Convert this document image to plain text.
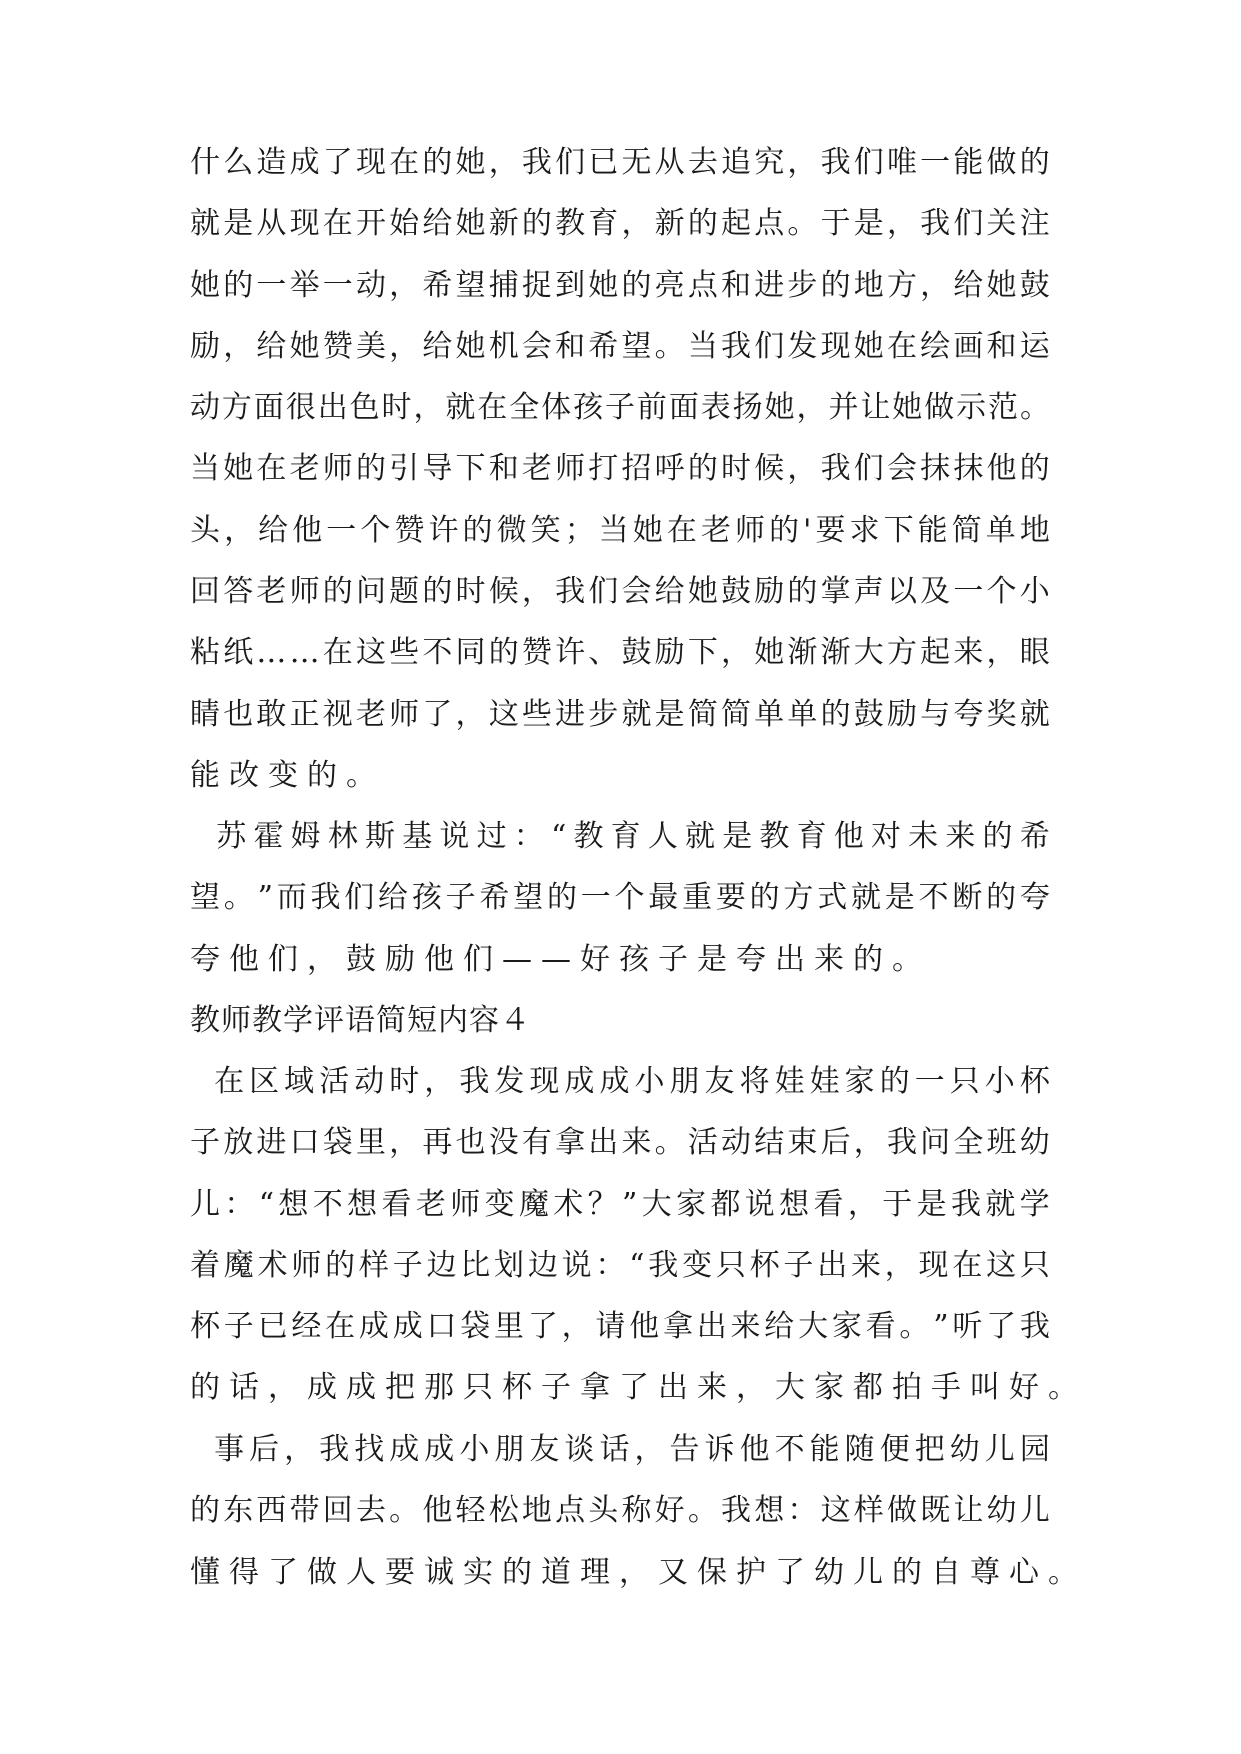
什 么 造 成 了 现 在 的 她 ， 我 们 已 无 从 去 追 究 ， 我 们 唯 一 能 做 的
就 是 从 现 在 开 始 给 她 新 的 教 育 ， 新 的 起 点 。 于 是 ， 我 们 关 注
她 的 一 举 一 动 ， 希 望 捕 捉 到 她 的 亮 点 和 进 步 的 地 方 ， 给 她 鼓
励 ， 给 她 赞 美 ， 给 她 机 会 和 希 望 。 当 我 们 发 现 她 在 绘 画 和 运
动 方 面 很 出 色 时 ， 就 在 全 体 孩 子 前 面 表 扬 她 ， 并 让 她 做 示 范 。
当 她 在 老 师 的 引 导 下 和 老 师 打 招 呼 的 时 候 ， 我 们 会 抹 抹 他 的
头 ， 给 他 一 个 赞 许 的 微 笑 ； 当 她 在 老 师 的 ' 要 求 下 能 简 单 地
回 答 老 师 的 问 题 的 时 候 ， 我 们 会 给 她 鼓 励 的 掌 声 以 及 一 个 小
粘 纸 … … 在 这 些 不 同 的 赞 许 、 鼓 励 下 ， 她 渐 渐 大 方 起 来 ， 眼
睛 也 敢 正 视 老 师 了 ， 这 些 进 步 就 是 简 简 单 单 的 鼓 励 与 夸 奖 就
能改变的。

苏 霍 姆 林 斯 基 说 过 ： “ 教 育 人 就 是 教 育 他 对 未 来 的 希
望 。 ” 而 我 们 给 孩 子 希 望 的 一 个 最 重 要 的 方 式 就 是 不 断 的 夸
夸他们，鼓励他们——好孩子是夸出来的。
教师教学评语简短内容４

在 区 域 活 动 时 ， 我 发 现 成 成 小 朋 友 将 娃 娃 家 的 一 只 小 杯
子 放 进 口 袋 里 ， 再 也 没 有 拿 出 来 。 活 动 结 束 后 ， 我 问 全 班 幼
儿 ： “ 想 不 想 看 老 师 变 魔 术 ？ ” 大 家 都 说 想 看 ， 于 是 我 就 学
着 魔 术 师 的 样 子 边 比 划 边 说 ： “ 我 变 只 杯 子 出 来 ， 现 在 这 只
杯 子 已 经 在 成 成 口 袋 里 了 ， 请 他 拿 出 来 给 大 家 看 。 ” 听 了 我
的话，成成把那只杯子拿了出来，大家都拍手叫好。

事 后 ， 我 找 成 成 小 朋 友 谈 话 ， 告 诉 他 不 能 随 便 把 幼 儿 园
的 东 西 带 回 去 。 他 轻 松 地 点 头 称 好 。 我 想 ： 这 样 做 既 让 幼 儿
懂得了做人要诚实的道理，又保护了幼儿的自尊心。
